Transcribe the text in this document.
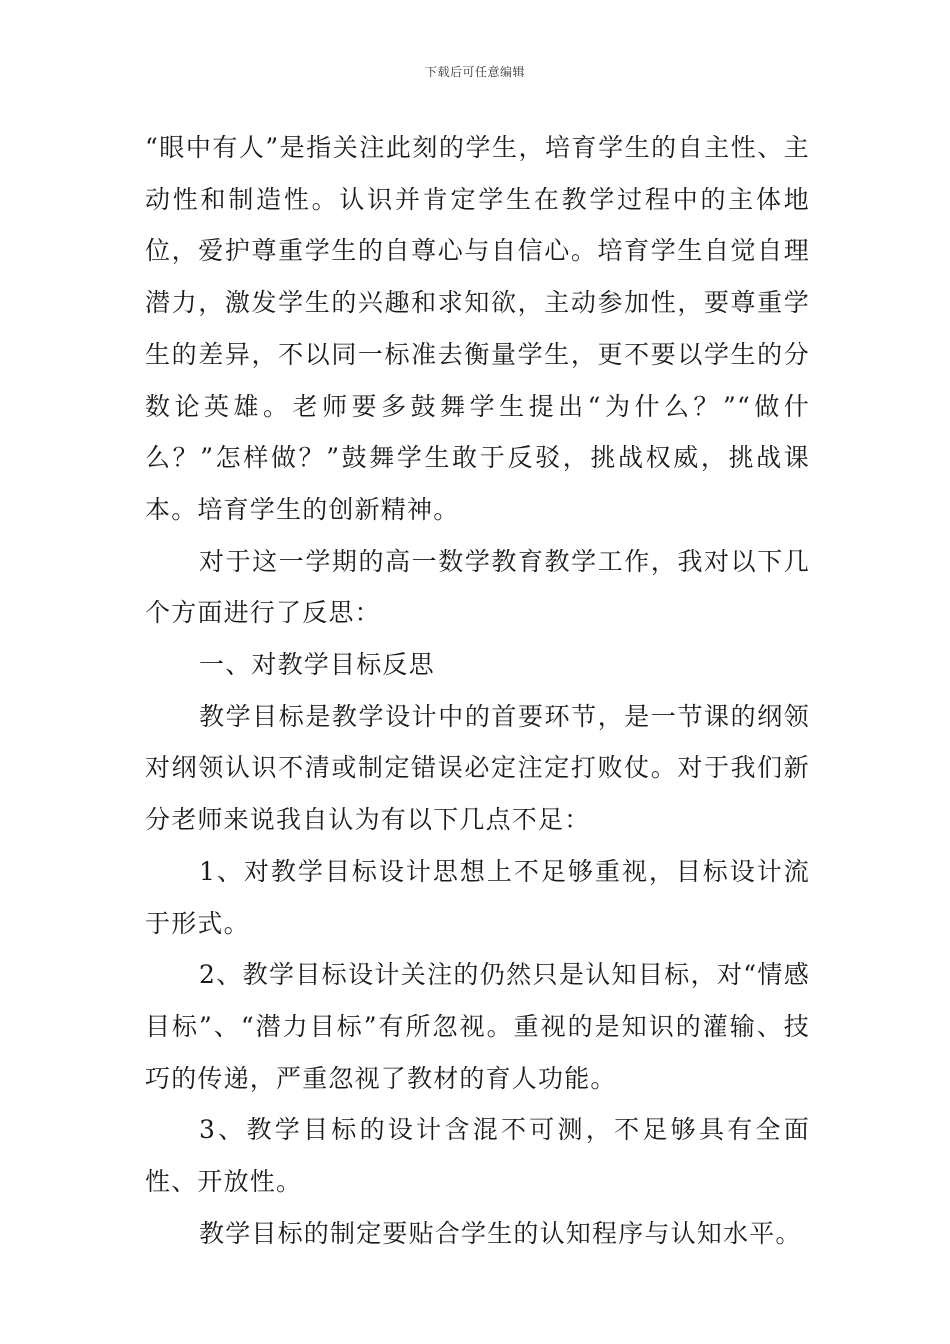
下载后可任意编辑

“眼中有人”是指关注此刻的学生，培育学生的自主性、主动性和制造性。认识并肯定学生在教学过程中的主体地位，爱护尊重学生的自尊心与自信心。培育学生自觉自理潜力，激发学生的兴趣和求知欲，主动参加性，要尊重学生的差异，不以同一标准去衡量学生，更不要以学生的分数论英雄。老师要多鼓舞学生提出“为什么？”“做什么？”怎样做？”鼓舞学生敢于反驳，挑战权威，挑战课本。培育学生的创新精神。

对于这一学期的高一数学教育教学工作，我对以下几个方面进行了反思：

一、对教学目标反思

教学目标是教学设计中的首要环节，是一节课的纲领对纲领认识不清或制定错误必定注定打败仗。对于我们新分老师来说我自认为有以下几点不足：

1、对教学目标设计思想上不足够重视，目标设计流于形式。

2、教学目标设计关注的仍然只是认知目标，对“情感目标”、“潜力目标”有所忽视。重视的是知识的灌输、技巧的传递，严重忽视了教材的育人功能。

3、教学目标的设计含混不可测，不足够具有全面性、开放性。

教学目标的制定要贴合学生的认知程序与认知水平。
